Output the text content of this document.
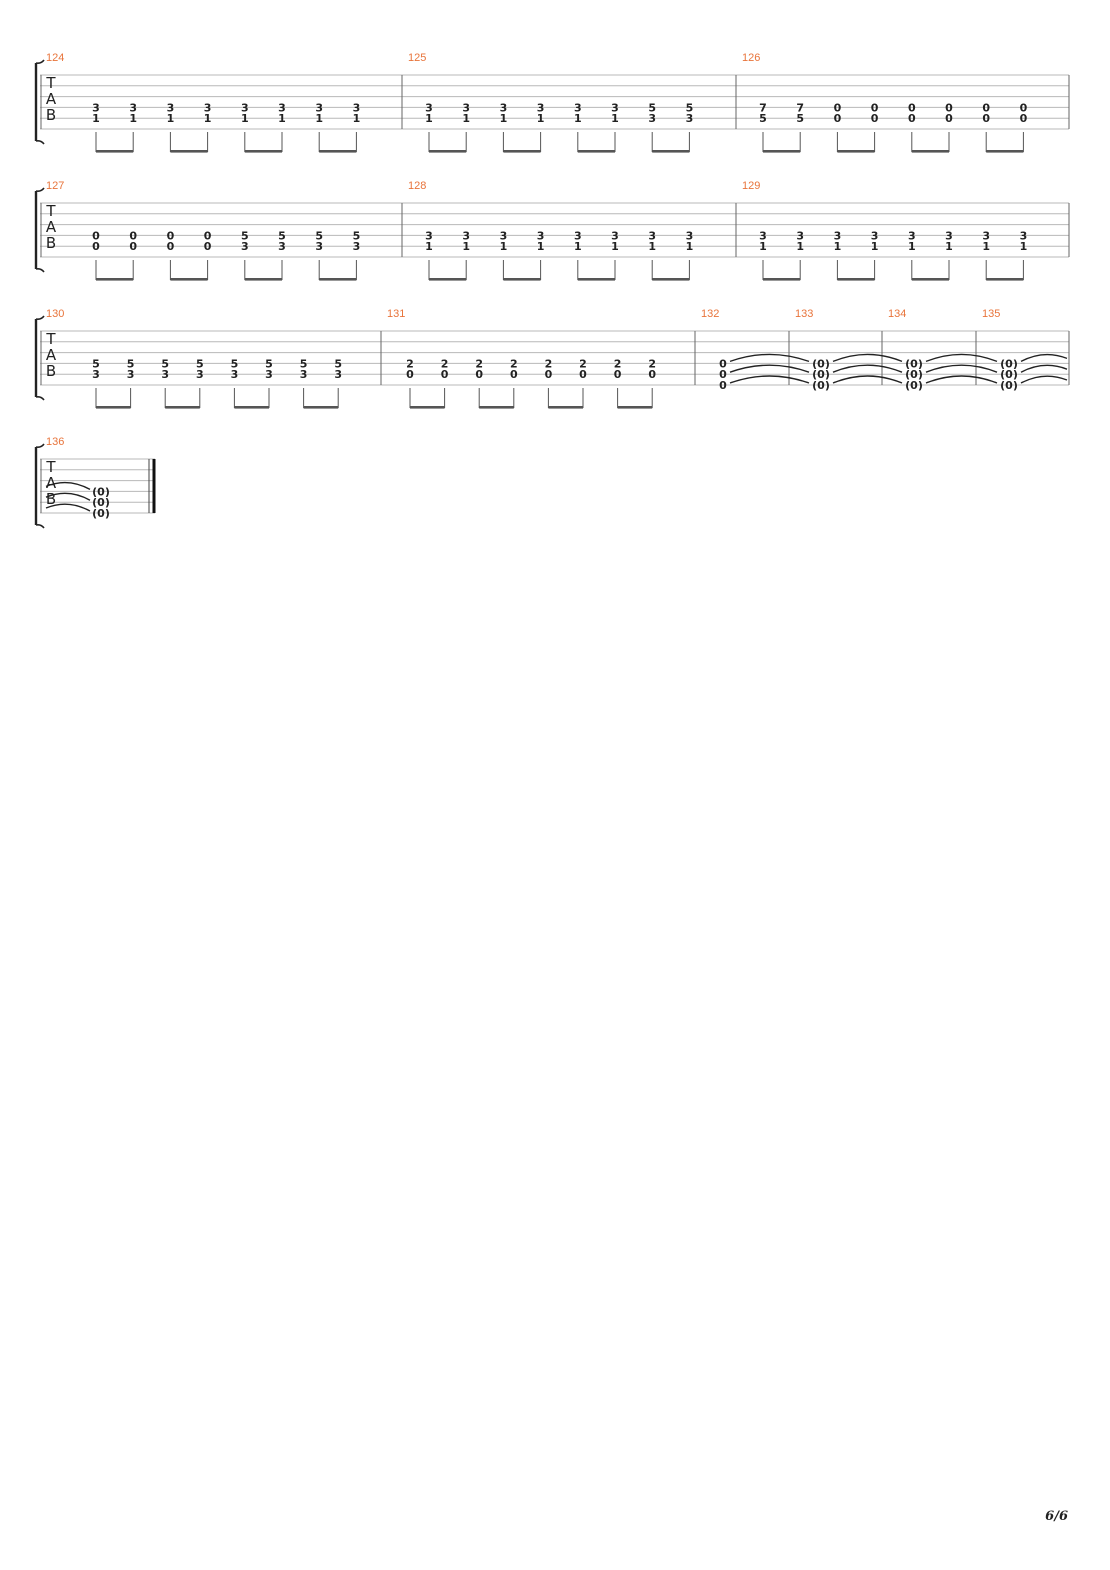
T
A
B
124
3
1
3
1
3
1
3
1
3
1
3
1
3
1
3
1
125
3
1
3
1
3
1
3
1
3
1
3
1
5
3
5
3
126
7
5
7
5
0
0
0
0
0
0
0
0
0
0
0
0
T
A
B
127
0
0
0
0
0
0
0
0
5
3
5
3
5
3
5
3
128
3
1
3
1
3
1
3
1
3
1
3
1
3
1
3
1
129
3
1
3
1
3
1
3
1
3
1
3
1
3
1
3
1
T
A
B
130
5
3
5
3
5
3
5
3
5
3
5
3
5
3
5
3
131
2
0
2
0
2
0
2
0
2
0
2
0
2
0
2
0
132
0
0
0
133
(0)
(0)
(0)
134
(0)
(0)
(0)
135
(0)
(0)
(0)
T
A
B
136
(0)
(0)
(0)
6/6
